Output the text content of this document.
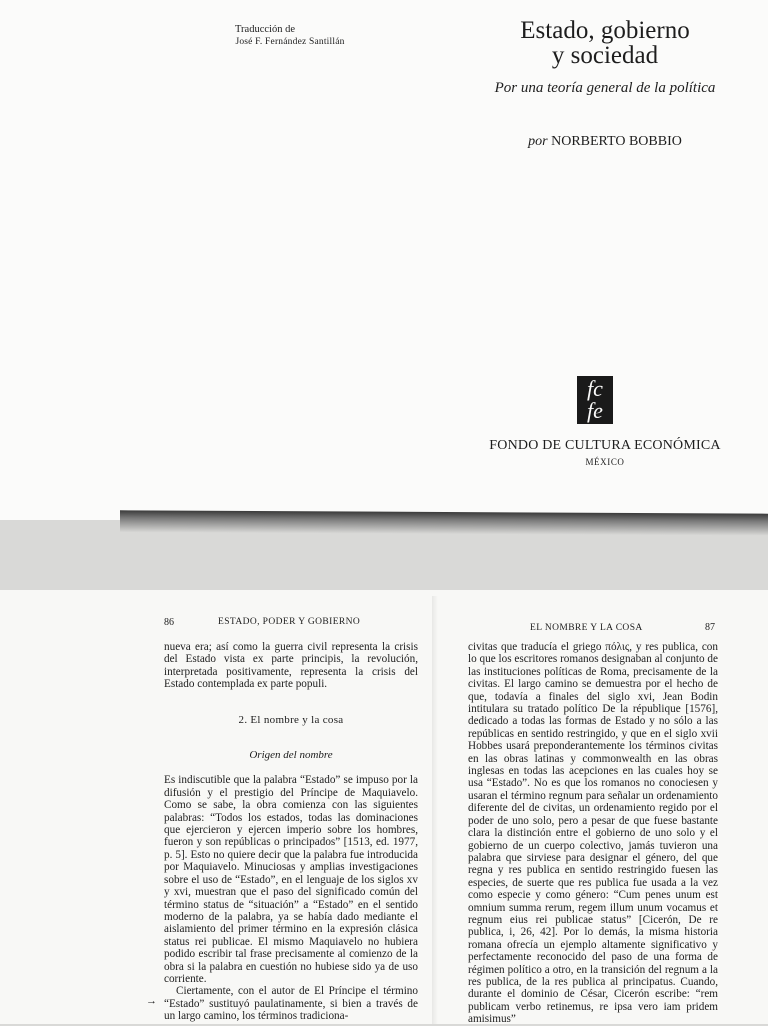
Traducción de
José F. Fernández Santillán	Estado, gobierno
y sociedad
Por una teoría general de la política
por NORBERTO BOBBIO
fc
fe
FONDO DE CULTURA ECONÓMICA
MÉXICO
86	ESTADO, PODER Y GOBIERNO
EL NOMBRE Y LA COSA	87

nueva era; así como la guerra civil representa la crisis del Estado vista ex parte principis, la revolución, interpretada positivamente, representa la crisis del Estado contemplada ex parte populi.

2. El nombre y la cosa
Origen del nombre

Es indiscutible que la palabra “Estado” se impuso por la difusión y el prestigio del Príncipe de Maquiavelo. Como se sabe, la obra comienza con las siguientes palabras: “Todos los estados, todas las dominaciones que ejercieron y ejercen imperio sobre los hombres, fueron y son repúblicas o principados” [1513, ed. 1977, p. 5]. Esto no quiere decir que la palabra fue introducida por Maquiavelo. Minuciosas y amplias investigaciones sobre el uso de “Estado”, en el lenguaje de los siglos xv y xvi, muestran que el paso del significado común del término status de “situación” a “Estado” en el sentido moderno de la palabra, ya se había dado mediante el aislamiento del primer término en la expresión clásica status rei publicae. El mismo Maquiavelo no hubiera podido escribir tal frase precisamente al comienzo de la obra si la palabra en cuestión no hubiese sido ya de uso corriente.

Ciertamente, con el autor de El Príncipe el término “Estado” sustituyó paulatinamente, si bien a través de un largo camino, los términos tradiciona-

→

civitas que traducía el griego πόλις, y res publica, con lo que los escritores romanos designaban al conjunto de las instituciones políticas de Roma, precisamente de la civitas. El largo camino se demuestra por el hecho de que, todavía a finales del siglo xvi, Jean Bodin intitulara su tratado político De la république [1576], dedicado a todas las formas de Estado y no sólo a las repúblicas en sentido restringido, y que en el siglo xvii Hobbes usará preponderantemente los términos civitas en las obras latinas y commonwealth en las obras inglesas en todas las acepciones en las cuales hoy se usa “Estado”. No es que los romanos no conociesen y usaran el término regnum para señalar un ordenamiento diferente del de civitas, un ordenamiento regido por el poder de uno solo, pero a pesar de que fuese bastante clara la distinción entre el gobierno de uno solo y el gobierno de un cuerpo colectivo, jamás tuvieron una palabra que sirviese para designar el género, del que regna y res publica en sentido restringido fuesen las especies, de suerte que res publica fue usada a la vez como especie y como género: “Cum penes unum est omnium summa rerum, regem illum unum vocamus et regnum eius rei publicae status” [Cicerón, De re publica, i, 26, 42]. Por lo demás, la misma historia romana ofrecía un ejemplo altamente significativo y perfectamente reconocido del paso de una forma de régimen político a otro, en la transición del regnum a la res publica, de la res publica al principatus. Cuando, durante el dominio de César, Cicerón escribe: “rem publicam verbo retinemus, re ipsa vero iam pridem amisimus”
